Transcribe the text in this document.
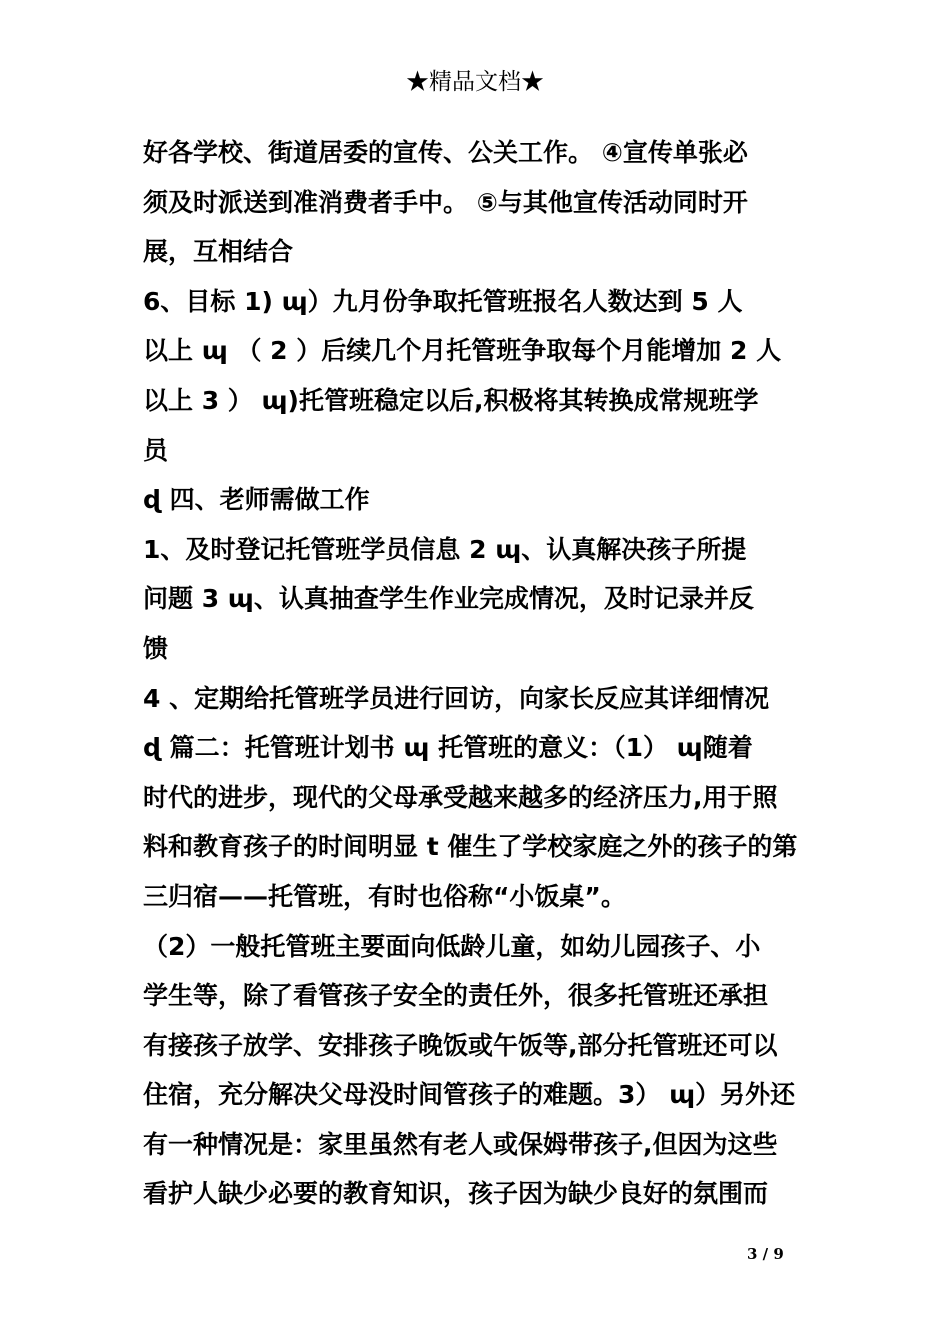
★精品文档★
好各学校、街道居委的宣传、公关工作。 ④宣传单张必
须及时派送到准消费者手中。 ⑤与其他宣传活动同时开
展，互相结合
6、目标 1) ɰ）九月份争取托管班报名人数达到 5 人
以上 ɰ （ 2 ）后续几个月托管班争取每个月能增加 2 人
以上 3 ） ɰ)托管班稳定以后,积极将其转换成常规班学
员
ɖ 四、老师需做工作
1、及时登记托管班学员信息 2 ɰ、认真解决孩子所提
问题 3 ɰ、认真抽查学生作业完成情况，及时记录并反
馈
4 、定期给托管班学员进行回访，向家长反应其详细情况
ɖ 篇二：托管班计划书 ɰ 托管班的意义：（1） ɰ随着
时代的进步，现代的父母承受越来越多的经济压力,用于照
料和教育孩子的时间明显 t 催生了学校家庭之外的孩子的第
三归宿——托管班，有时也俗称“小饭桌”。
（2）一般托管班主要面向低龄儿童，如幼儿园孩子、小
学生等，除了看管孩子安全的责任外，很多托管班还承担
有接孩子放学、安排孩子晚饭或午饭等,部分托管班还可以
住宿，充分解决父母没时间管孩子的难题。3） ɰ）另外还
有一种情况是：家里虽然有老人或保姆带孩子,但因为这些
看护人缺少必要的教育知识，孩子因为缺少良好的氛围而
3 / 9
